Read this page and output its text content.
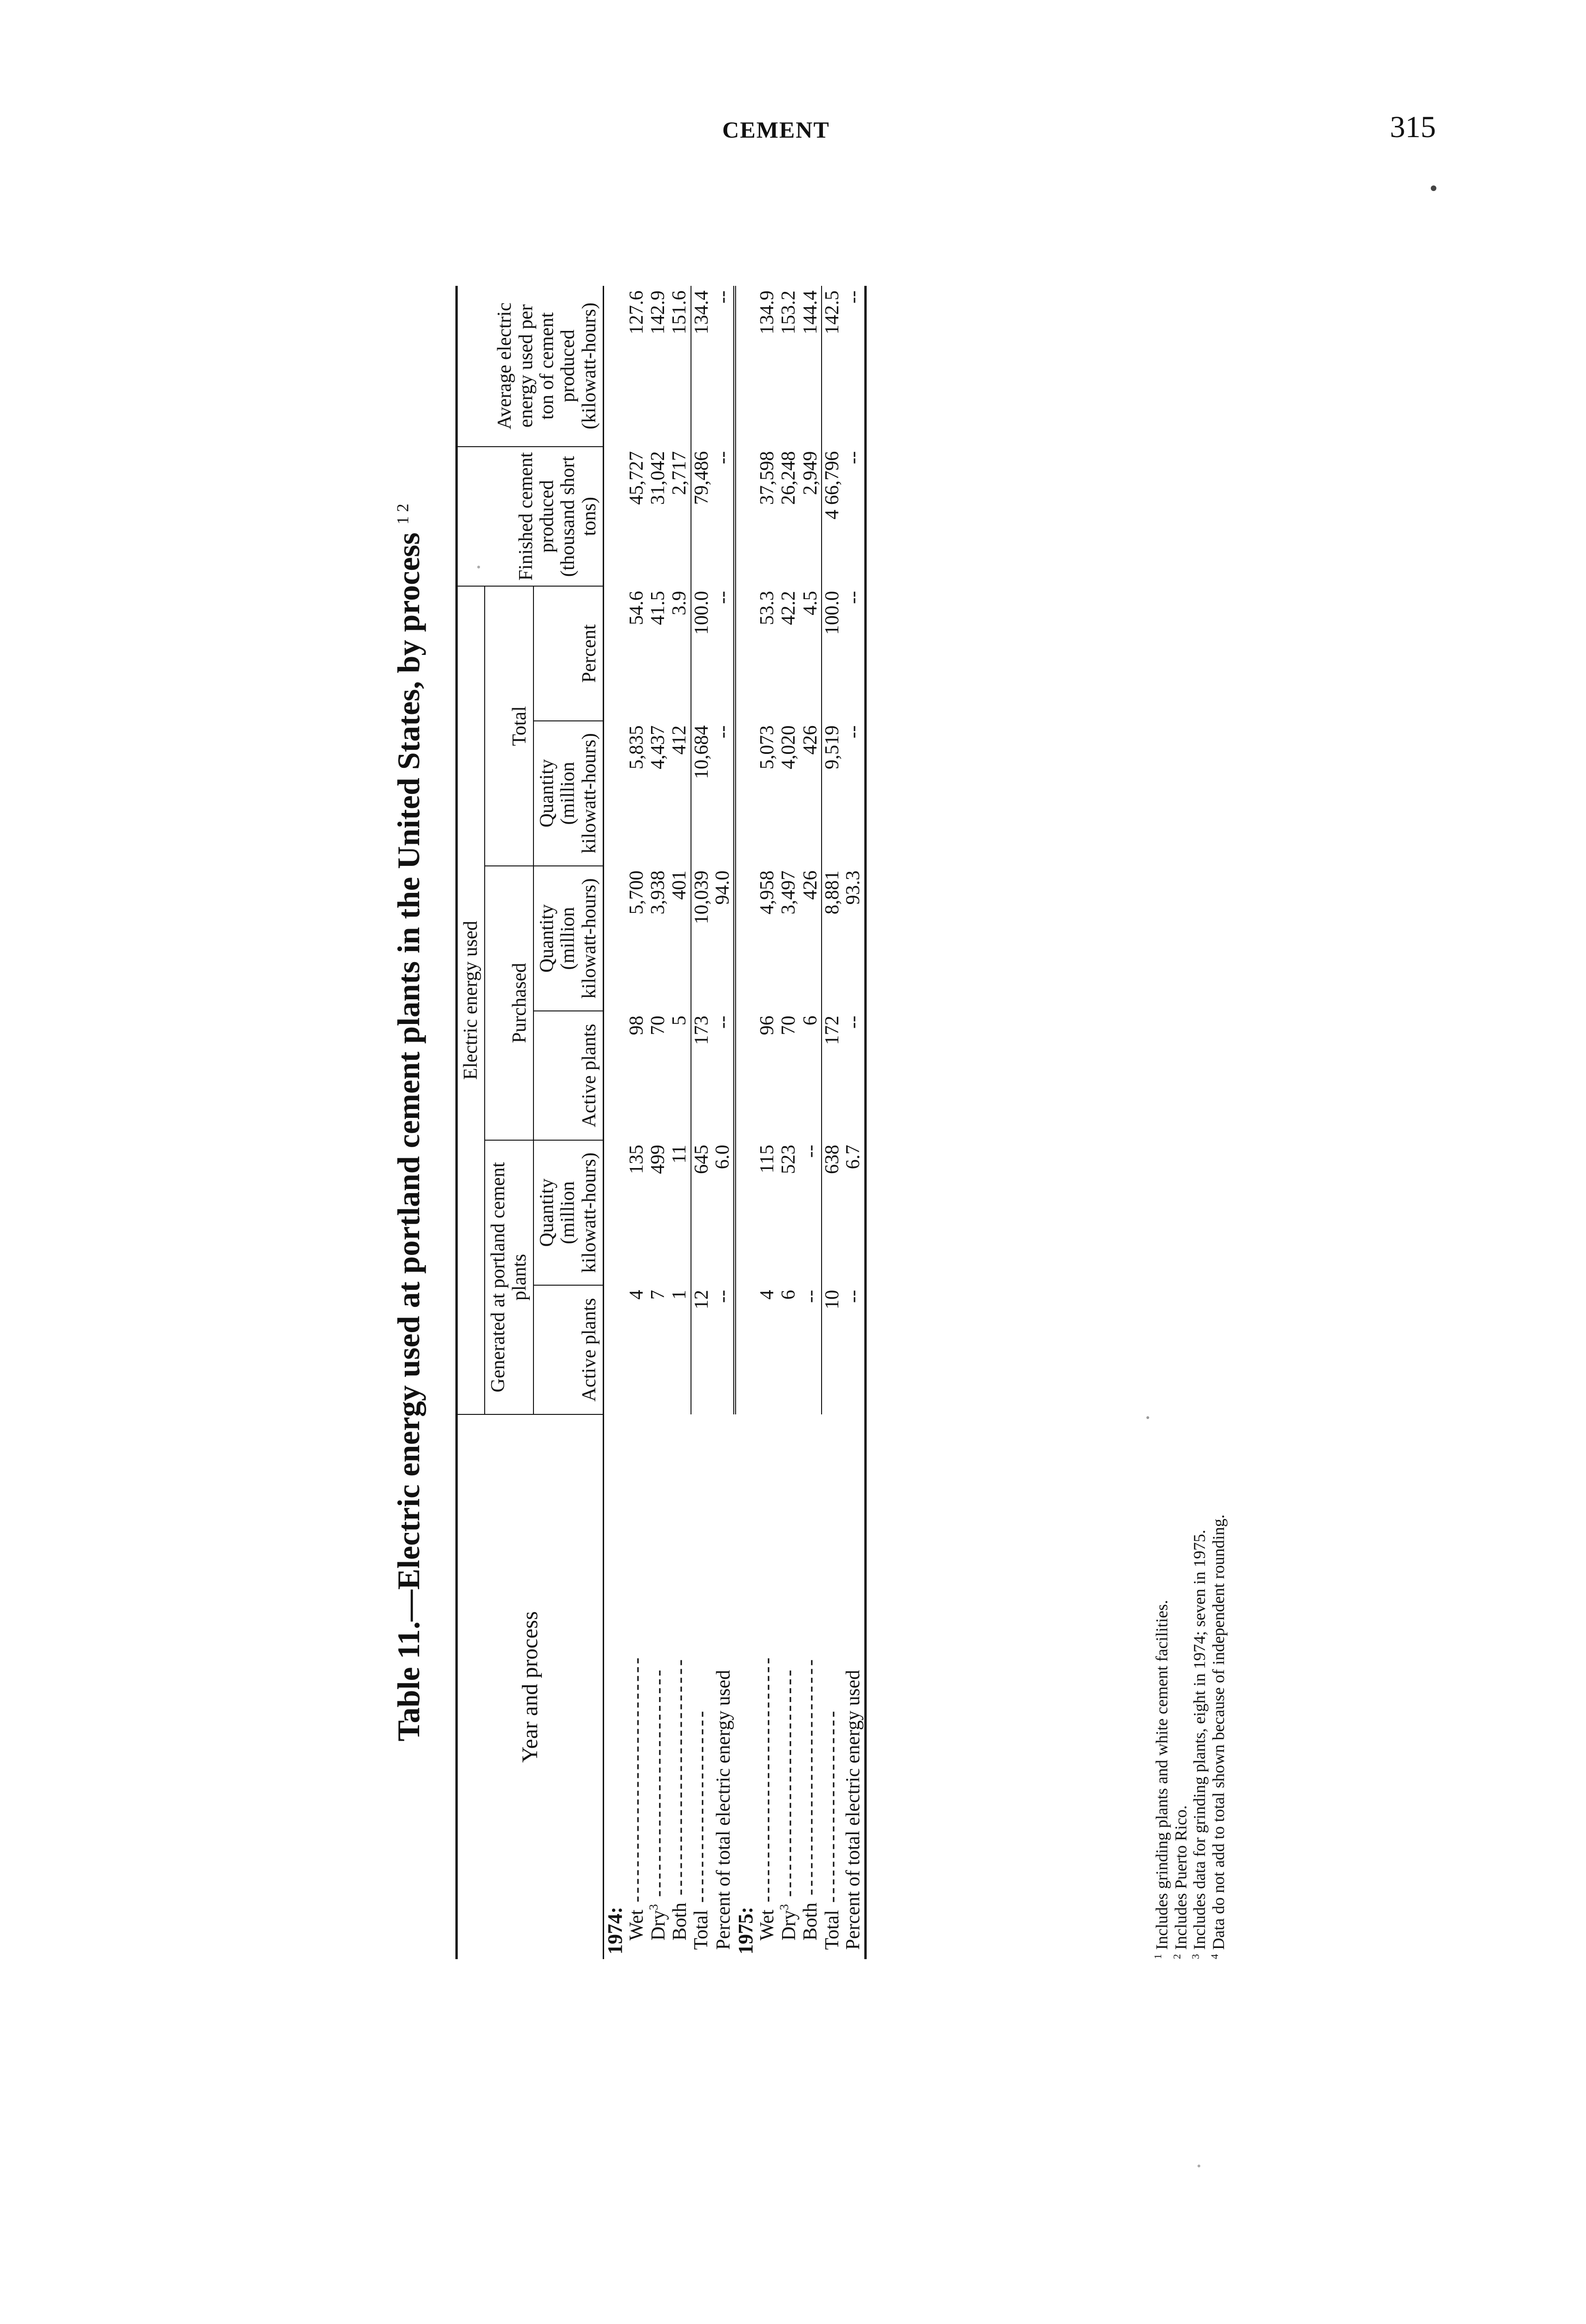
CEMENT	315
Table 11.—Electric energy used at portland cement plants in the United States, by process $^{1 2}$
Year and process	Electric energy used						Finished cement produced (thousand short tons)	Average electric energy used per ton of cement produced (kilowatt-hours)
	Generated at portland cement plants		Purchased		Total			
	Active plants	Quantity (million kilowatt-hours)	Active plants	Quantity (million kilowatt-hours)	Quantity (million kilowatt-hours)	Percent		
1974:								
Wet ----------------------------	4	135	98	5,700	5,835	54.6	45,727	127.6
Dry$^3$ --------------------------	7	499	70	3,938	4,437	41.5	31,042	142.9
Both ---------------------------	1	11	5	401	412	3.9	2,717	151.6
Total ----------------------	12	645	173	10,039	10,684	100.0	79,486	134.4
Percent of total electric energy used	--	6.0	--	94.0	--	--	--	--
1975:								
Wet ----------------------------	4	115	96	4,958	5,073	53.3	37,598	134.9
Dry$^3$ --------------------------	6	523	70	3,497	4,020	42.2	26,248	153.2
Both ---------------------------	--	--	6	426	426	4.5	2,949	144.4
Total ----------------------	10	638	172	8,881	9,519	100.0	4 66,796	142.5
Percent of total electric energy used	--	6.7	--	93.3	--	--	--	--
$^1$ Includes grinding plants and white cement facilities.
$^2$ Includes Puerto Rico.
$^3$ Includes data for grinding plants, eight in 1974; seven in 1975.
$^4$ Data do not add to total shown because of independent rounding.
